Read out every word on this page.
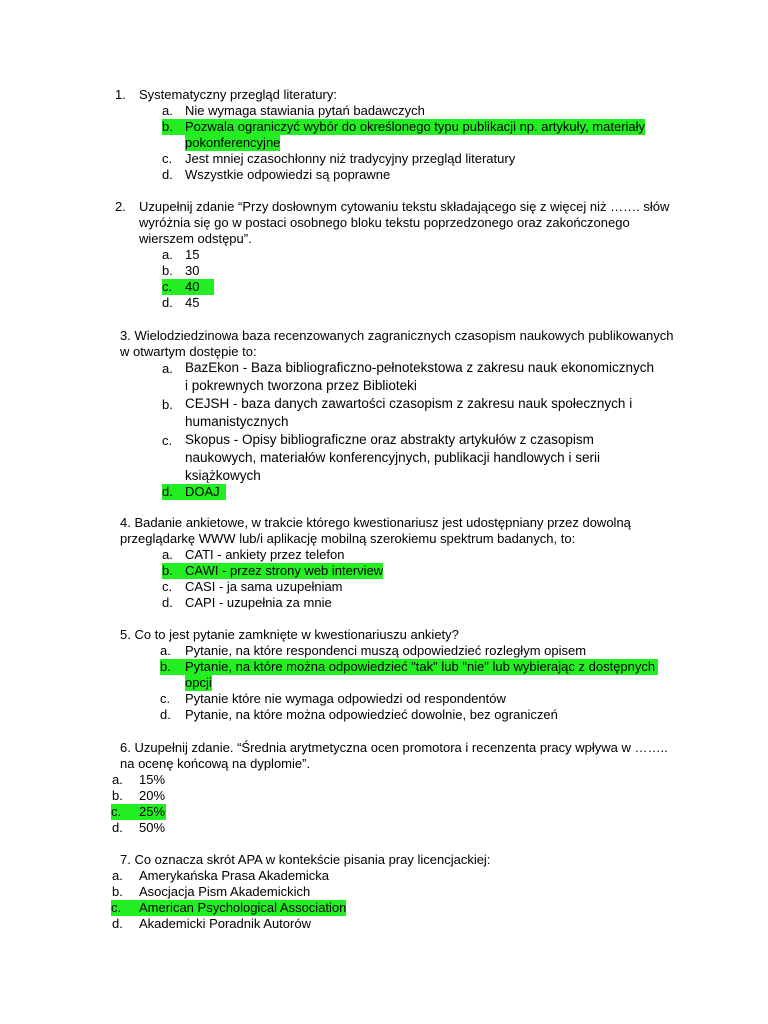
1. Systematyczny przegląd literatury:
a. Nie wymaga stawiania pytań badawczych
b. Pozwala ograniczyć wybór do określonego typu publikacji np. artykuły, materiały
pokonferencyjne
c. Jest mniej czasochłonny niż tradycyjny przegląd literatury
d. Wszystkie odpowiedzi są poprawne
2. Uzupełnij zdanie “Przy dosłownym cytowaniu tekstu składającego się z więcej niż ……. słów
wyróżnia się go w postaci osobnego bloku tekstu poprzedzonego oraz zakończonego
wierszem odstępu”.
a. 15
b. 30
c. 40
d. 45
3. Wielodziedzinowa baza recenzowanych zagranicznych czasopism naukowych publikowanych
w otwartym dostępie to:
a. BazEkon - Baza bibliograficzno-pełnotekstowa z zakresu nauk ekonomicznych
i pokrewnych tworzona przez Biblioteki
b. CEJSH - baza danych zawartości czasopism z zakresu nauk społecznych i
humanistycznych
c. Skopus - Opisy bibliograficzne oraz abstrakty artykułów z czasopism
naukowych, materiałów konferencyjnych, publikacji handlowych i serii
książkowych
d. DOAJ
4. Badanie ankietowe, w trakcie którego kwestionariusz jest udostępniany przez dowolną
przeglądarkę WWW lub/i aplikację mobilną szerokiemu spektrum badanych, to:
a. CATI - ankiety przez telefon
b. CAWI - przez strony web interview
c. CASI - ja sama uzupełniam
d. CAPI - uzupełnia za mnie
5. Co to jest pytanie zamknięte w kwestionariuszu ankiety?
a. Pytanie, na które respondenci muszą odpowiedzieć rozległym opisem
b.	Pytanie, na które można odpowiedzieć "tak" lub "nie" lub wybierając z dostępnych
opcji
c. Pytanie które nie wymaga odpowiedzi od respondentów
d. Pytanie, na które można odpowiedzieć dowolnie, bez ograniczeń
6. Uzupełnij zdanie. “Średnia arytmetyczna ocen promotora i recenzenta pracy wpływa w ……..
na ocenę końcową na dyplomie”.
a. 15%
b. 20%
c.	25%
d. 50%
7. Co oznacza skrót APA w kontekście pisania pray licencjackiej:
a. Amerykańska Prasa Akademicka
b. Asocjacja Pism Akademickich
c.	American Psychological Association
d. Akademicki Poradnik Autorów
